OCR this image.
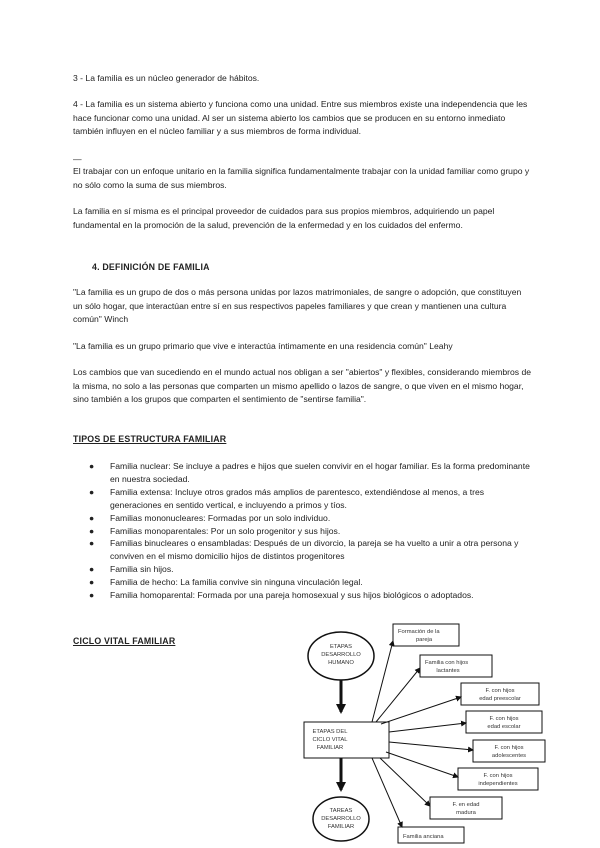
3 - La familia es un núcleo generador de hábitos.

4 - La familia es un sistema abierto y funciona como una unidad. Entre sus miembros existe una independencia que les hace funcionar como una unidad. Al ser un sistema abierto los cambios que se producen en su entorno inmediato también influyen en el núcleo familiar y a sus miembros de forma individual.

—

El trabajar con un enfoque unitario en la familia significa fundamentalmente trabajar con la unidad familiar como grupo y no sólo como la suma de sus miembros.

La familia en sí misma es el principal proveedor de cuidados para sus propios miembros, adquiriendo un papel fundamental en la promoción de la salud, prevención de la enfermedad y en los cuidados del enfermo.

4. DEFINICIÓN DE FAMILIA

"La familia es un grupo de dos o más persona unidas por lazos matrimoniales, de sangre o adopción, que constituyen un sólo hogar, que interactúan entre sí en sus respectivos papeles familiares y que crean y mantienen una cultura común" Winch

"La familia es un grupo primario que vive e interactúa íntimamente en una residencia común" Leahy

Los cambios que van sucediendo en el mundo actual nos obligan a ser "abiertos" y flexibles, considerando miembros de la misma, no solo a las personas que comparten un mismo apellido o lazos de sangre, o que viven en el mismo hogar, sino también a los grupos que comparten el sentimiento de "sentirse familia".

TIPOS DE ESTRUCTURA FAMILIAR
● Familia nuclear: Se incluye a padres e hijos que suelen convivir en el hogar familiar. Es la forma predominante en nuestra sociedad.
● Familia extensa: Incluye otros grados más amplios de parentesco, extendiéndose al menos, a tres generaciones en sentido vertical, e incluyendo a primos y tíos.
● Familias mononucleares: Formadas por un solo individuo.
● Familias monoparentales: Por un solo progenitor y sus hijos.
● Familias binucleares o ensambladas: Después de un divorcio, la pareja se ha vuelto a unir a otra persona y conviven en el mismo domicilio hijos de distintos progenitores
● Familia sin hijos.
● Familia de hecho: La familia convive sin ninguna vinculación legal.
● Familia homoparental: Formada por una pareja homosexual y sus hijos biológicos o adoptados.
CICLO VITAL FAMILIAR
ETAPAS
DESARROLLO
HUMANO
ETAPAS DEL
CICLO VITAL
FAMILIAR
TAREAS
DESARROLLO
FAMILIAR
Formación de la
pareja
Familia con hijos
lactantes
F. con hijos
edad preescolar
F. con hijos
edad escolar
F. con hijos
adolescentes
F. con hijos
independientes
F. en edad
madura
Familia anciana
